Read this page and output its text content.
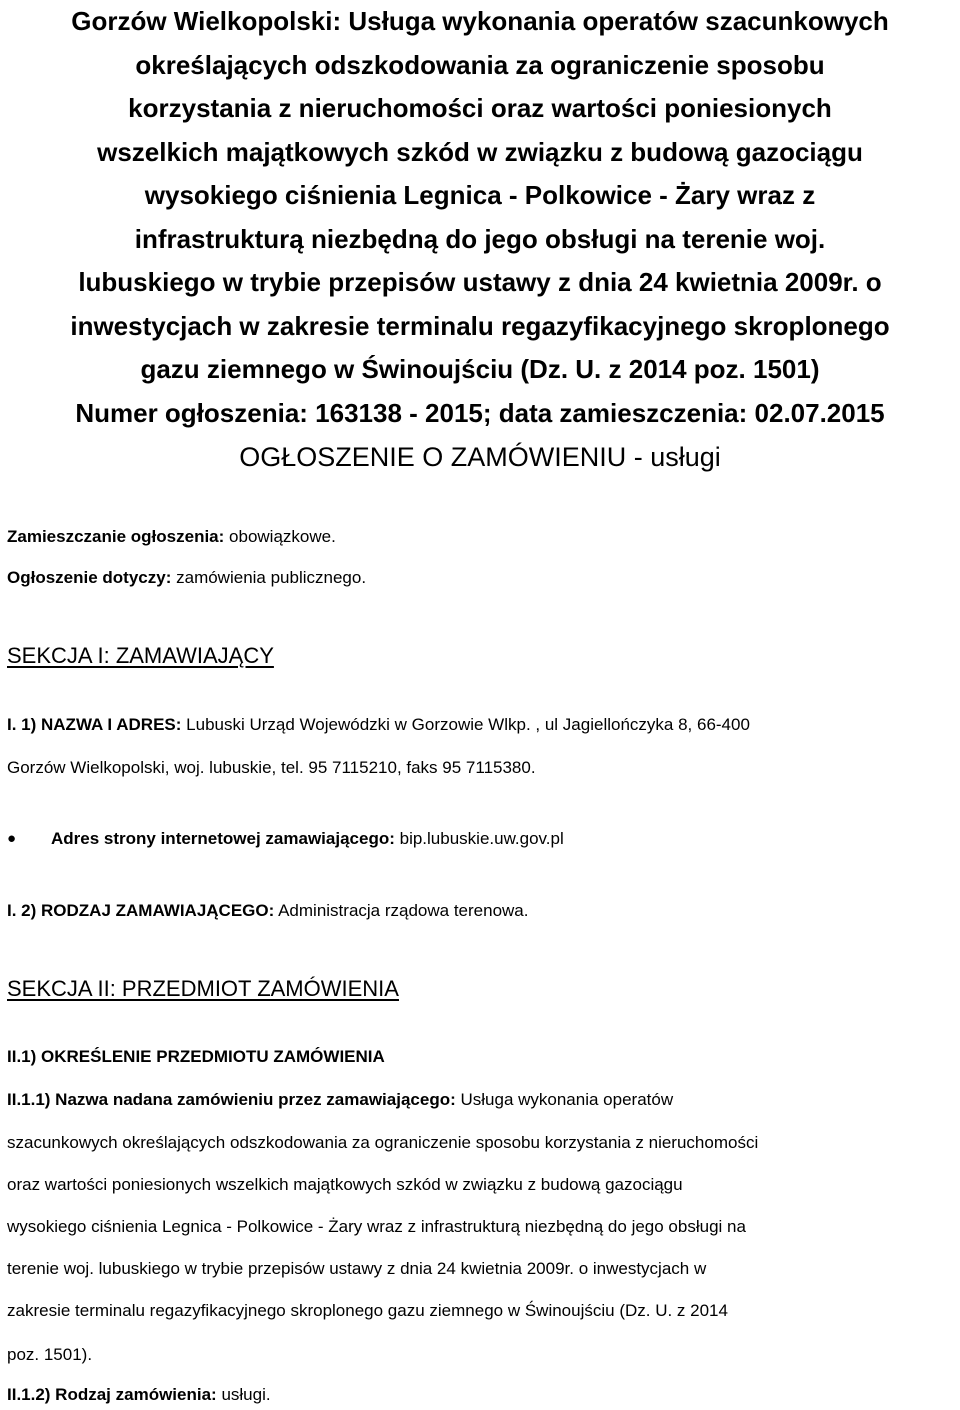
Gorzów Wielkopolski: Usługa wykonania operatów szacunkowych
określających odszkodowania za ograniczenie sposobu
korzystania z nieruchomości oraz wartości poniesionych
wszelkich majątkowych szkód w związku z budową gazociągu
wysokiego ciśnienia Legnica - Polkowice - Żary wraz z
infrastrukturą niezbędną do jego obsługi na terenie woj.
lubuskiego w trybie przepisów ustawy z dnia 24 kwietnia 2009r. o
inwestycjach w zakresie terminalu regazyfikacyjnego skroplonego
gazu ziemnego w Świnoujściu (Dz. U. z 2014 poz. 1501)
Numer ogłoszenia: 163138 - 2015; data zamieszczenia: 02.07.2015
OGŁOSZENIE O ZAMÓWIENIU - usługi
Zamieszczanie ogłoszenia: obowiązkowe.
Ogłoszenie dotyczy: zamówienia publicznego.
SEKCJA I: ZAMAWIAJĄCY
I. 1) NAZWA I ADRES: Lubuski Urząd Wojewódzki w Gorzowie Wlkp. , ul Jagiellończyka 8, 66-400
Gorzów Wielkopolski, woj. lubuskie, tel. 95 7115210, faks 95 7115380.
●	Adres strony internetowej zamawiającego: bip.lubuskie.uw.gov.pl
I. 2) RODZAJ ZAMAWIAJĄCEGO: Administracja rządowa terenowa.
SEKCJA II: PRZEDMIOT ZAMÓWIENIA
II.1) OKREŚLENIE PRZEDMIOTU ZAMÓWIENIA
II.1.1) Nazwa nadana zamówieniu przez zamawiającego: Usługa wykonania operatów
szacunkowych określających odszkodowania za ograniczenie sposobu korzystania z nieruchomości
oraz wartości poniesionych wszelkich majątkowych szkód w związku z budową gazociągu
wysokiego ciśnienia Legnica - Polkowice - Żary wraz z infrastrukturą niezbędną do jego obsługi na
terenie woj. lubuskiego w trybie przepisów ustawy z dnia 24 kwietnia 2009r. o inwestycjach w
zakresie terminalu regazyfikacyjnego skroplonego gazu ziemnego w Świnoujściu (Dz. U. z 2014
poz. 1501).
II.1.2) Rodzaj zamówienia: usługi.
